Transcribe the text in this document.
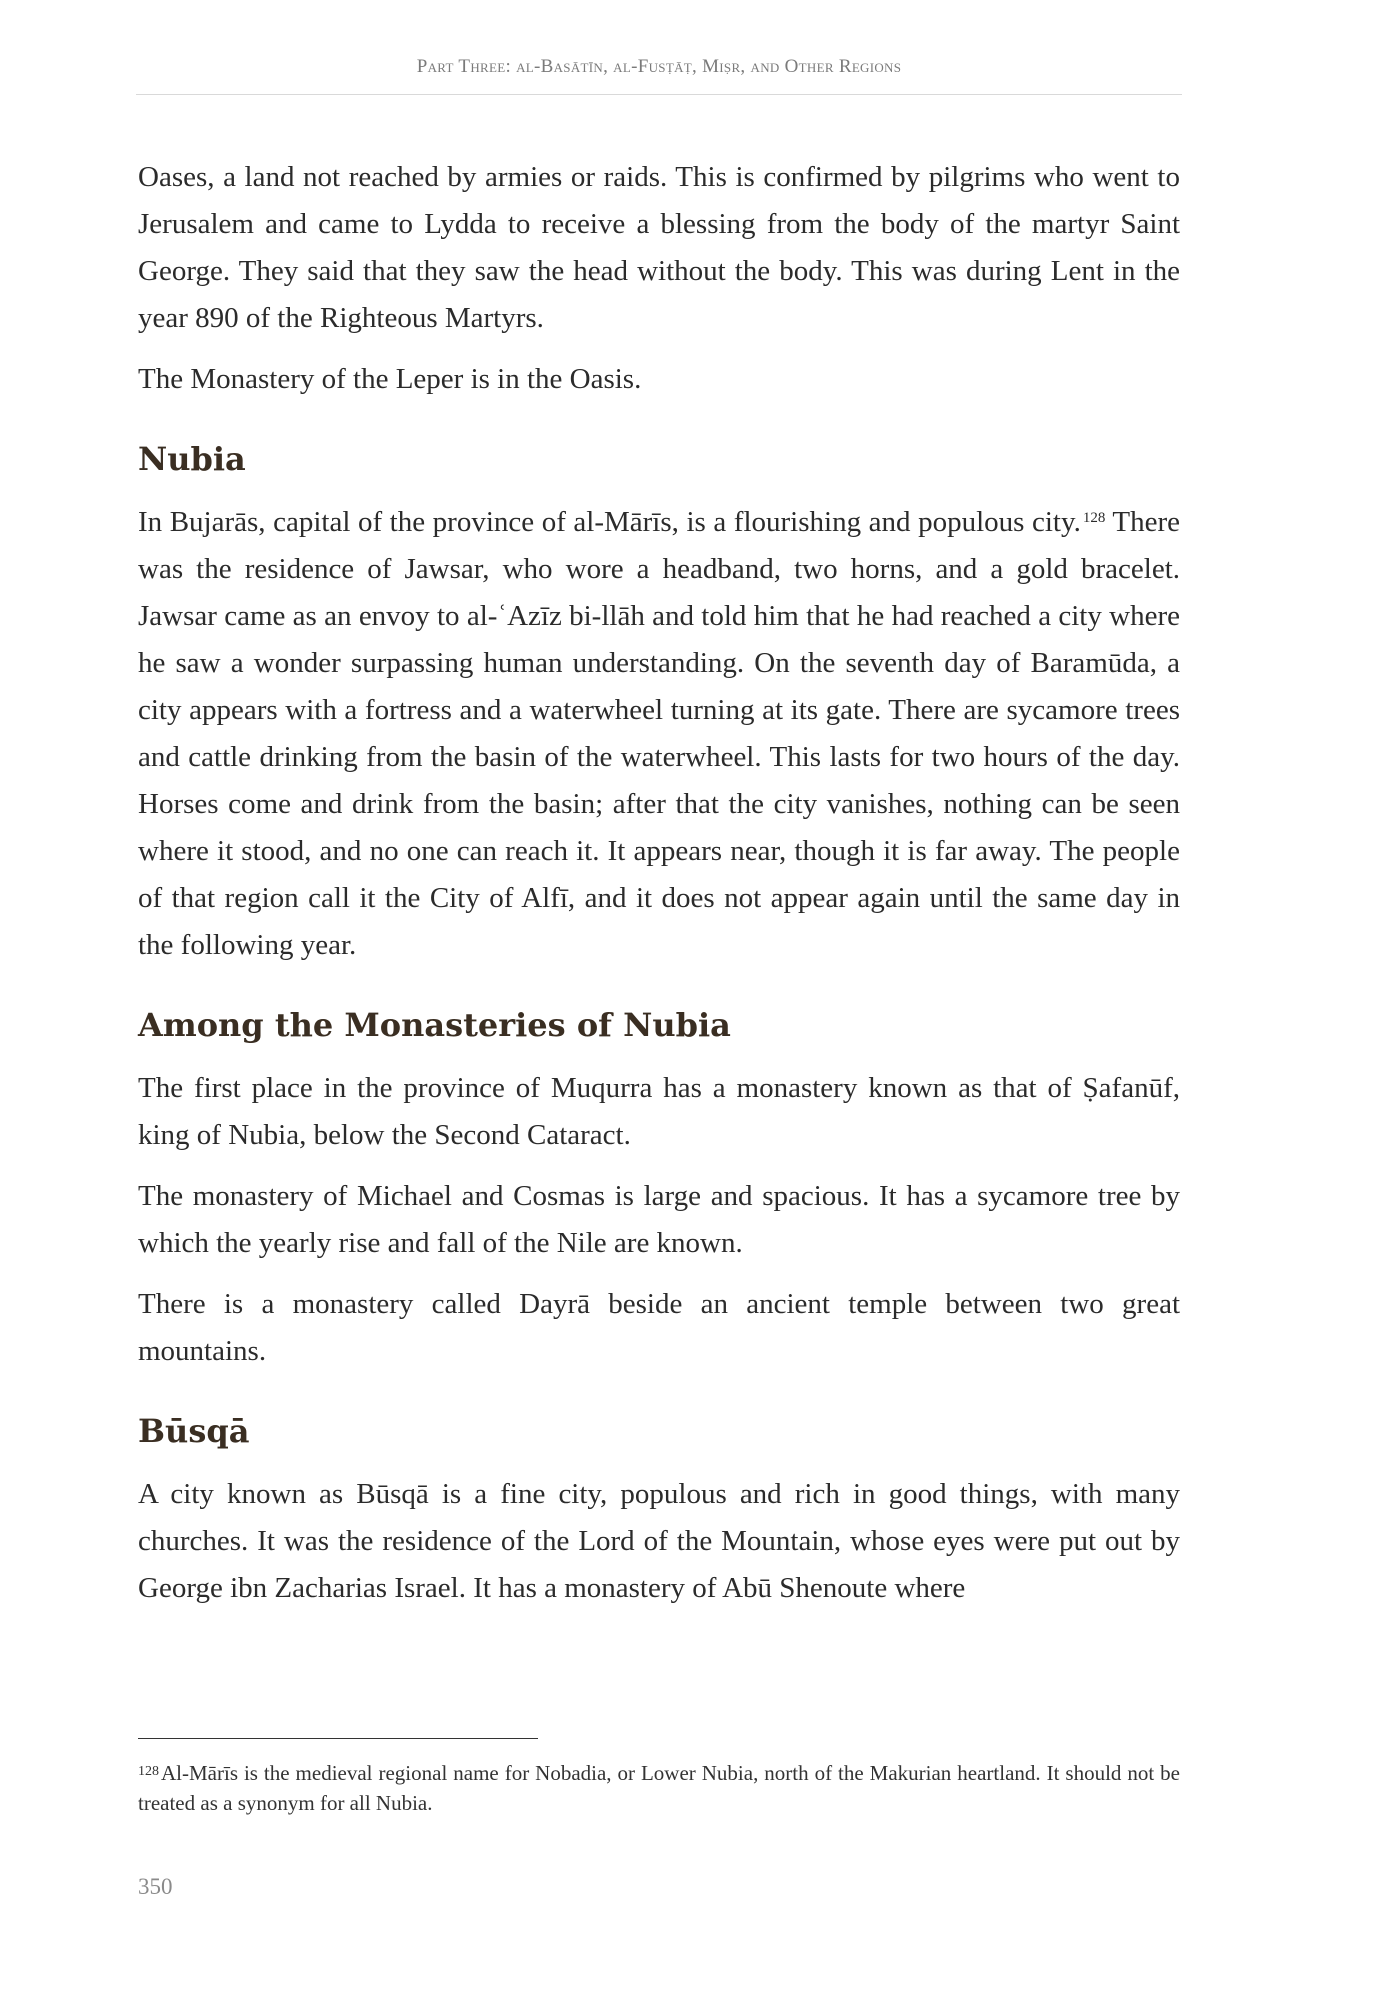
Part Three: al-Basātīn, al-Fusṭāṭ, Miṣr, and Other Regions

Oases, a land not reached by armies or raids. This is confirmed by pilgrims who went to Jerusalem and came to Lydda to receive a blessing from the body of the martyr Saint George. They said that they saw the head without the body. This was during Lent in the year 890 of the Righteous Martyrs.

The Monastery of the Leper is in the Oasis.

Nubia

In Bujarās, capital of the province of al-Mārīs, is a flourishing and populous city. $^{128}$ There was the residence of Jawsar, who wore a headband, two horns, and a gold bracelet. Jawsar came as an envoy to al-ʿAzīz bi-llāh and told him that he had reached a city where he saw a wonder surpassing human understanding. On the seventh day of Baramūda, a city appears with a fortress and a waterwheel turning at its gate. There are sycamore trees and cattle drinking from the basin of the waterwheel. This lasts for two hours of the day. Horses come and drink from the basin; after that the city vanishes, nothing can be seen where it stood, and no one can reach it. It appears near, though it is far away. The people of that region call it the City of Alfī, and it does not appear again until the same day in the following year.

Among the Monasteries of Nubia

The first place in the province of Muqurra has a monastery known as that of Ṣafanūf, king of Nubia, below the Second Cataract.

The monastery of Michael and Cosmas is large and spacious. It has a sycamore tree by which the yearly rise and fall of the Nile are known.

There is a monastery called Dayrā beside an ancient temple between two great mountains.

Būsqā

A city known as Būsqā is a fine city, populous and rich in good things, with many churches. It was the residence of the Lord of the Mountain, whose eyes were put out by George ibn Zacharias Israel. It has a monastery of Abū Shenoute where

$^{128}$Al-Mārīs is the medieval regional name for Nobadia, or Lower Nubia, north of the Makurian heartland. It should not be treated as a synonym for all Nubia.
350
